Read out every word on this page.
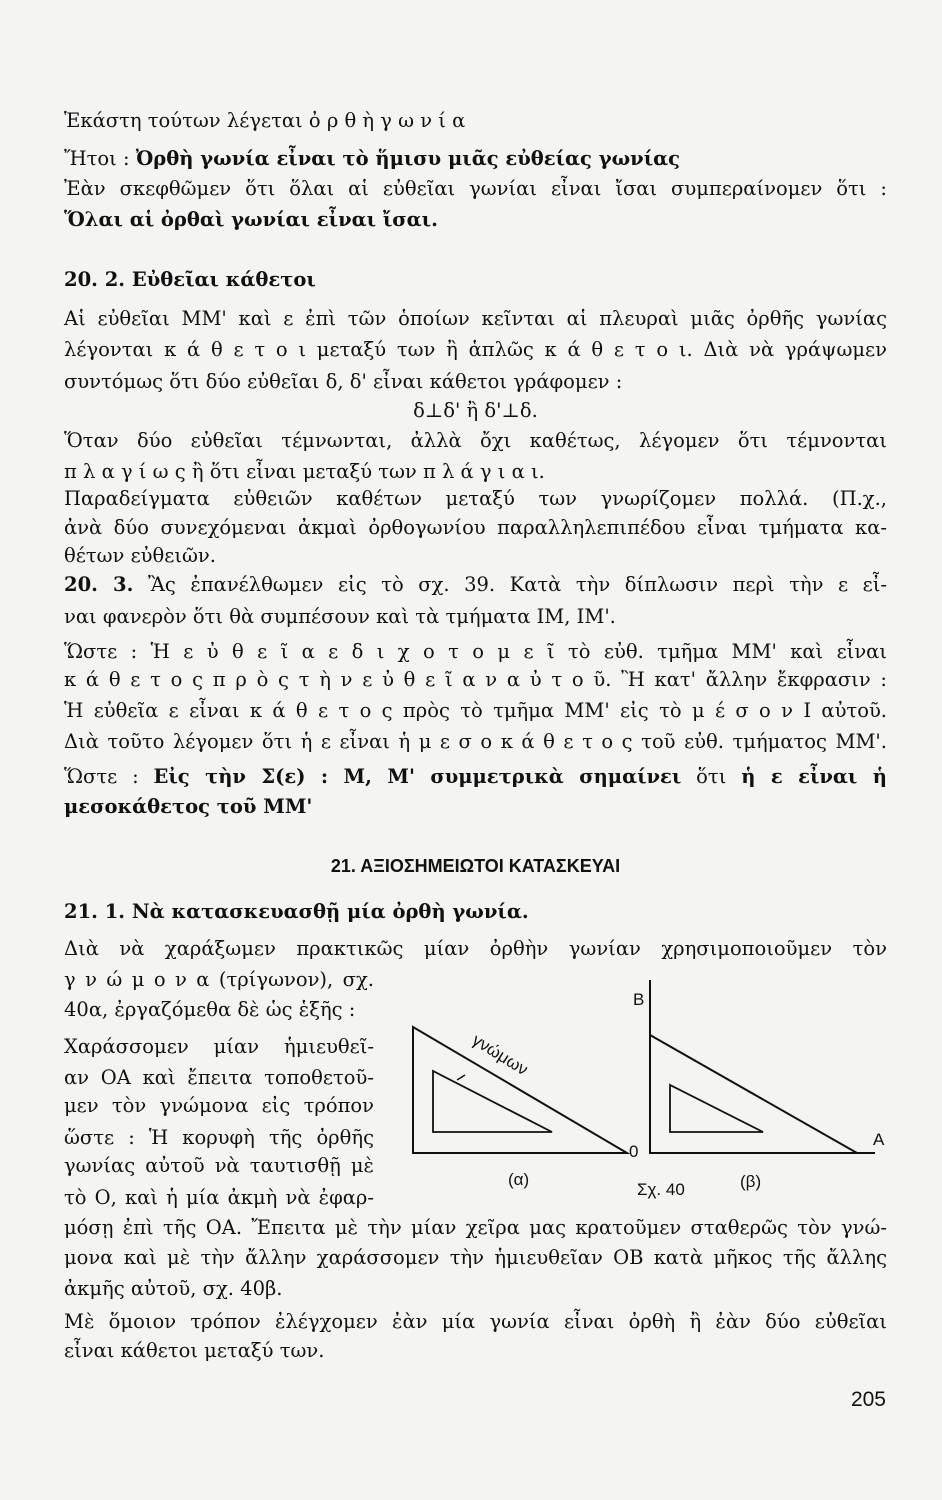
Ἑκάστη τούτων λέγεται ὀ ρ θ ὴ γ ω ν ί α
Ἤτοι : Ὀρθὴ γωνία εἶναι τὸ ἥμισυ μιᾶς εὐθείας γωνίας
Ἐὰν σκεφθῶμεν ὅτι ὅλαι αἱ εὐθεῖαι γωνίαι εἶναι ἴσαι συμπεραίνομεν ὅτι :
Ὅλαι αἱ ὀρθαὶ γωνίαι εἶναι ἴσαι.
20. 2. Εὐθεῖαι κάθετοι
Αἱ εὐθεῖαι ΜΜ' καὶ ε ἐπὶ τῶν ὁποίων κεῖνται αἱ πλευραὶ μιᾶς ὀρθῆς γωνίας
λέγονται κ ά θ ε τ ο ι μεταξύ των ἢ ἁπλῶς κ ά θ ε τ ο ι. Διὰ νὰ γράψωμεν
συντόμως ὅτι δύο εὐθεῖαι δ, δ' εἶναι κάθετοι γράφομεν :
δ⊥δ' ἢ δ'⊥δ.
Ὅταν δύο εὐθεῖαι τέμνωνται, ἀλλὰ ὄχι καθέτως, λέγομεν ὅτι τέμνονται
π λ α γ ί ω ς ἢ ὅτι εἶναι μεταξύ των π λ ά γ ι α ι.
Παραδείγματα εὐθειῶν καθέτων μεταξύ των γνωρίζομεν πολλά. (Π.χ.,
ἀνὰ δύο συνεχόμεναι ἀκμαὶ ὀρθογωνίου παραλληλεπιπέδου εἶναι τμήματα κα-
θέτων εὐθειῶν.
20. 3. Ἂς ἐπανέλθωμεν εἰς τὸ σχ. 39. Κατὰ τὴν δίπλωσιν περὶ τὴν ε εἶ-
ναι φανερὸν ὅτι θὰ συμπέσουν καὶ τὰ τμήματα ΙΜ, ΙΜ'.
Ὥστε : Ἡ ε ὐ θ ε ῖ α ε δ ι χ ο τ ο μ ε ῖ τὸ εὐθ. τμῆμα ΜΜ' καὶ εἶναι
κ ά θ ε τ ο ς π ρ ὸ ς τ ὴ ν ε ὐ θ ε ῖ α ν α ὐ τ ο ῦ. Ἢ κατ' ἄλλην ἔκφρασιν :
Ἡ εὐθεῖα ε εἶναι κ ά θ ε τ ο ς πρὸς τὸ τμῆμα ΜΜ' εἰς τὸ μ έ σ ο ν Ι αὐτοῦ.
Διὰ τοῦτο λέγομεν ὅτι ἡ ε εἶναι ἡ μ ε σ ο κ ά θ ε τ ο ς τοῦ εὐθ. τμήματος ΜΜ'.
Ὥστε : Εἰς τὴν Σ(ε) : Μ, Μ' συμμετρικὰ σημαίνει ὅτι ἡ ε εἶναι ἡ
μεσοκάθετος τοῦ ΜΜ'
21. ΑΞΙΟΣΗΜΕΙΩΤΟΙ ΚΑΤΑΣΚΕΥΑΙ
21. 1. Νὰ κατασκευασθῇ μία ὀρθὴ γωνία.
Διὰ νὰ χαράξωμεν πρακτικῶς μίαν ὀρθὴν γωνίαν χρησιμοποιοῦμεν τὸν
γ ν ώ μ ο ν α (τρίγωνον), σχ.
40α, ἐργαζόμεθα δὲ ὡς ἑξῆς :
Χαράσσομεν μίαν ἡμιευθεῖ-
αν ΟΑ καὶ ἔπειτα τοποθετοῦ-
μεν τὸν γνώμονα εἰς τρόπον
ὥστε : Ἡ κορυφὴ τῆς ὀρθῆς
γωνίας αὐτοῦ νὰ ταυτισθῇ μὲ
τὸ Ο, καὶ ἡ μία ἀκμὴ νὰ ἐφαρ-
μόσῃ ἐπὶ τῆς ΟΑ. Ἔπειτα μὲ τὴν μίαν χεῖρα μας κρατοῦμεν σταθερῶς τὸν γνώ-
μονα καὶ μὲ τὴν ἄλλην χαράσσομεν τὴν ἡμιευθεῖαν ΟΒ κατὰ μῆκος τῆς ἄλλης
ἀκμῆς αὐτοῦ, σχ. 40β.
Μὲ ὅμοιον τρόπον ἐλέγχομεν ἐὰν μία γωνία εἶναι ὀρθὴ ἢ ἐὰν δύο εὐθεῖαι
εἶναι κάθετοι μεταξύ των.
γνώμων
(α)
B
0
A
Σχ. 40	(β)
205
